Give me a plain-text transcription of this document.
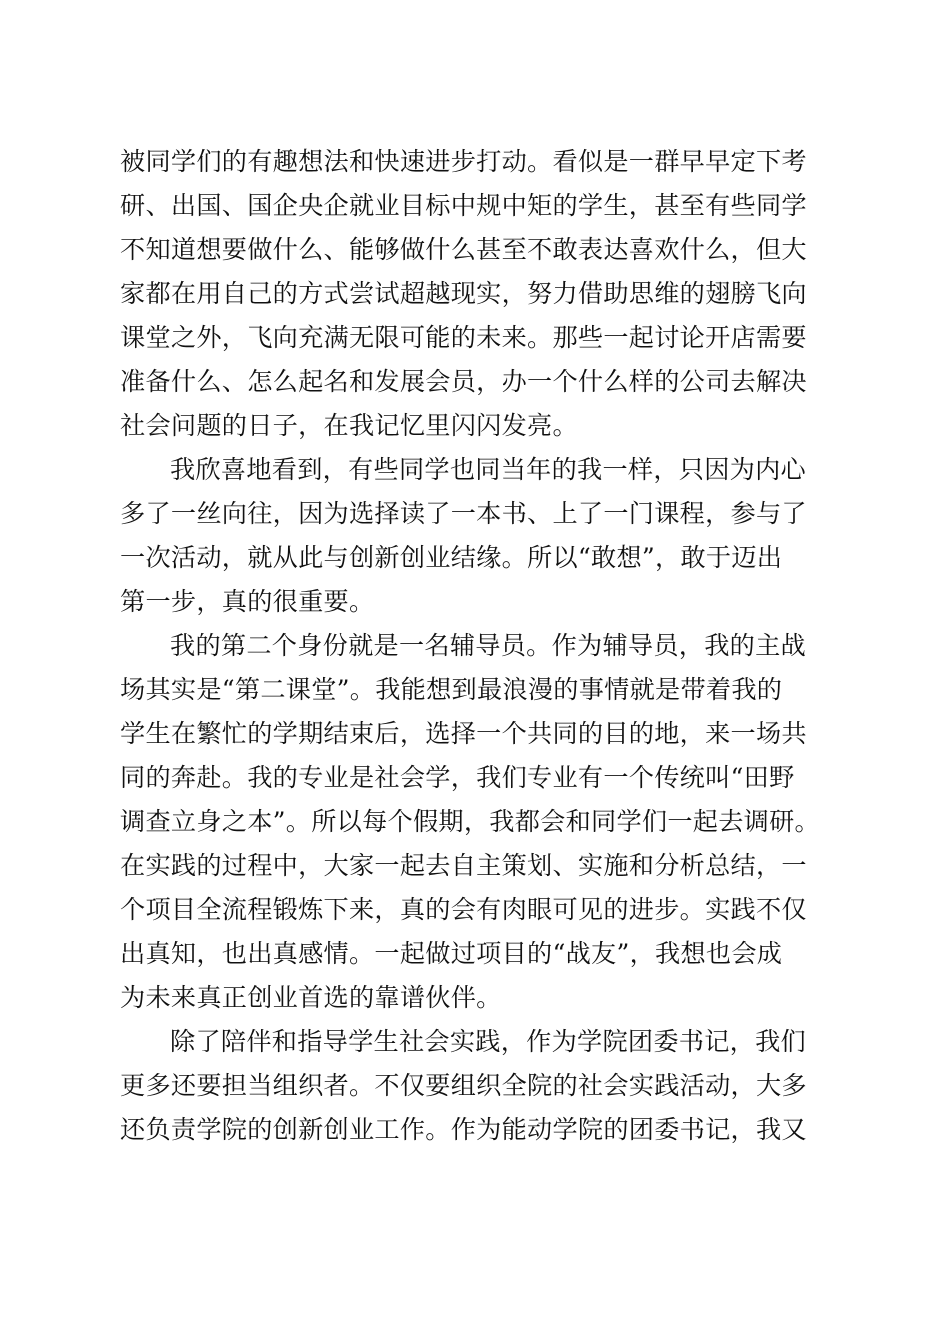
被同学们的有趣想法和快速进步打动。看似是一群早早定下考
研、出国、国企央企就业目标中规中矩的学生，甚至有些同学
不知道想要做什么、能够做什么甚至不敢表达喜欢什么，但大
家都在用自己的方式尝试超越现实，努力借助思维的翅膀飞向
课堂之外，飞向充满无限可能的未来。那些一起讨论开店需要
准备什么、怎么起名和发展会员，办一个什么样的公司去解决
社会问题的日子，在我记忆里闪闪发亮。
我欣喜地看到，有些同学也同当年的我一样，只因为内心
多了一丝向往，因为选择读了一本书、上了一门课程，参与了
一次活动，就从此与创新创业结缘。所以“敢想”，敢于迈出
第一步，真的很重要。
我的第二个身份就是一名辅导员。作为辅导员，我的主战
场其实是“第二课堂”。我能想到最浪漫的事情就是带着我的
学生在繁忙的学期结束后，选择一个共同的目的地，来一场共
同的奔赴。我的专业是社会学，我们专业有一个传统叫“田野
调查立身之本”。所以每个假期，我都会和同学们一起去调研。
在实践的过程中，大家一起去自主策划、实施和分析总结，一
个项目全流程锻炼下来，真的会有肉眼可见的进步。实践不仅
出真知，也出真感情。一起做过项目的“战友”，我想也会成
为未来真正创业首选的靠谱伙伴。
除了陪伴和指导学生社会实践，作为学院团委书记，我们
更多还要担当组织者。不仅要组织全院的社会实践活动，大多
还负责学院的创新创业工作。作为能动学院的团委书记，我又
